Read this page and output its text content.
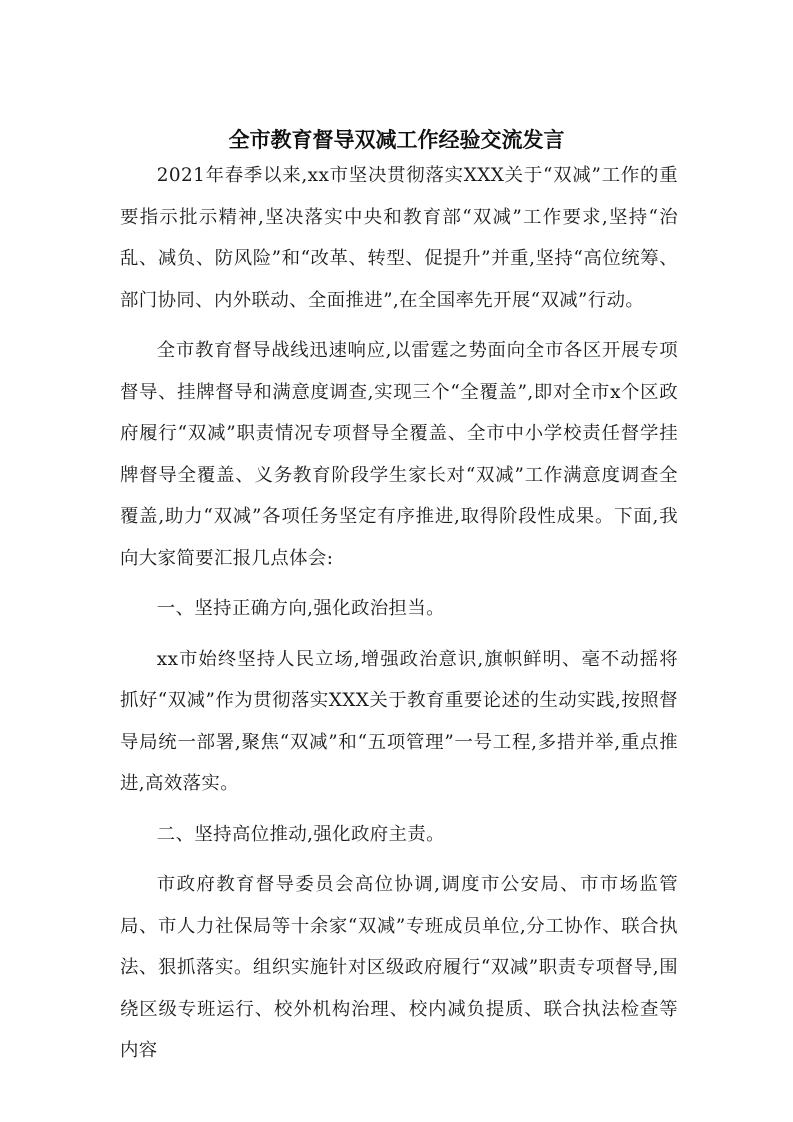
全市教育督导双减工作经验交流发言

2021年春季以来,xx市坚决贯彻落实XXX关于“双减”工作的重要指示批示精神,坚决落实中央和教育部“双减”工作要求,坚持“治乱、减负、防风险”和“改革、转型、促提升”并重,坚持“高位统筹、部门协同、内外联动、全面推进”,在全国率先开展“双减”行动。

全市教育督导战线迅速响应,以雷霆之势面向全市各区开展专项督导、挂牌督导和满意度调查,实现三个“全覆盖”,即对全市x个区政府履行“双减”职责情况专项督导全覆盖、全市中小学校责任督学挂牌督导全覆盖、义务教育阶段学生家长对“双减”工作满意度调查全覆盖,助力“双减”各项任务坚定有序推进,取得阶段性成果。下面,我向大家简要汇报几点体会:

一、坚持正确方向,强化政治担当。

xx市始终坚持人民立场,增强政治意识,旗帜鲜明、毫不动摇将抓好“双减”作为贯彻落实XXX关于教育重要论述的生动实践,按照督导局统一部署,聚焦“双减”和“五项管理”一号工程,多措并举,重点推进,高效落实。

二、坚持高位推动,强化政府主责。

市政府教育督导委员会高位协调,调度市公安局、市市场监管局、市人力社保局等十余家“双减”专班成员单位,分工协作、联合执法、狠抓落实。组织实施针对区级政府履行“双减”职责专项督导,围绕区级专班运行、校外机构治理、校内减负提质、联合执法检查等内容
